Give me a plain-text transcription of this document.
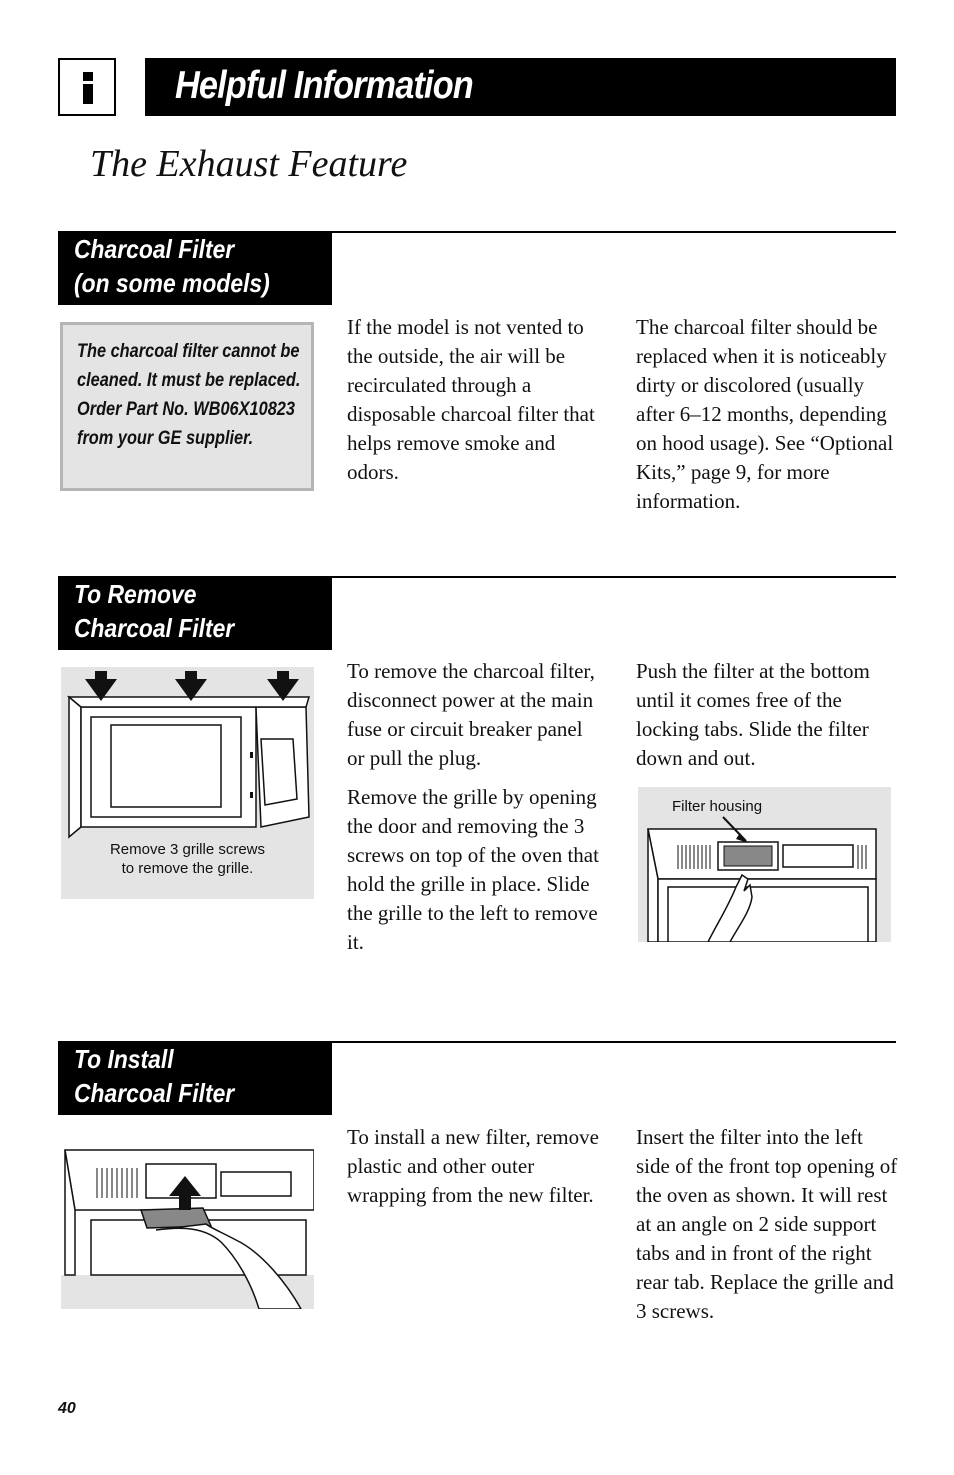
Helpful Information
The Exhaust Feature
Charcoal Filter
(on some models)
The charcoal filter cannot be cleaned. It must be replaced. Order Part No. WB06X10823 from your GE supplier.

If the model is not vented to the outside, the air will be recirculated through a disposable charcoal filter that helps remove smoke and odors.

The charcoal filter should be replaced when it is noticeably dirty or discolored (usually after 6–12 months, depending on hood usage). See “Optional Kits,” page 9, for more information.

To Remove
Charcoal Filter
Remove 3 grille screws
to remove the grille.

To remove the charcoal filter, disconnect power at the main fuse or circuit breaker panel or pull the plug.

Remove the grille by opening the door and removing the 3 screws on top of the oven that hold the grille in place. Slide the grille to the left to remove it.

Push the filter at the bottom until it comes free of the locking tabs. Slide the filter down and out.

Filter housing
To Install
Charcoal Filter

To install a new filter, remove plastic and other outer wrapping from the new filter.

Insert the filter into the left side of the front top opening of the oven as shown. It will rest at an angle on 2 side support tabs and in front of the right rear tab. Replace the grille and 3 screws.

40
